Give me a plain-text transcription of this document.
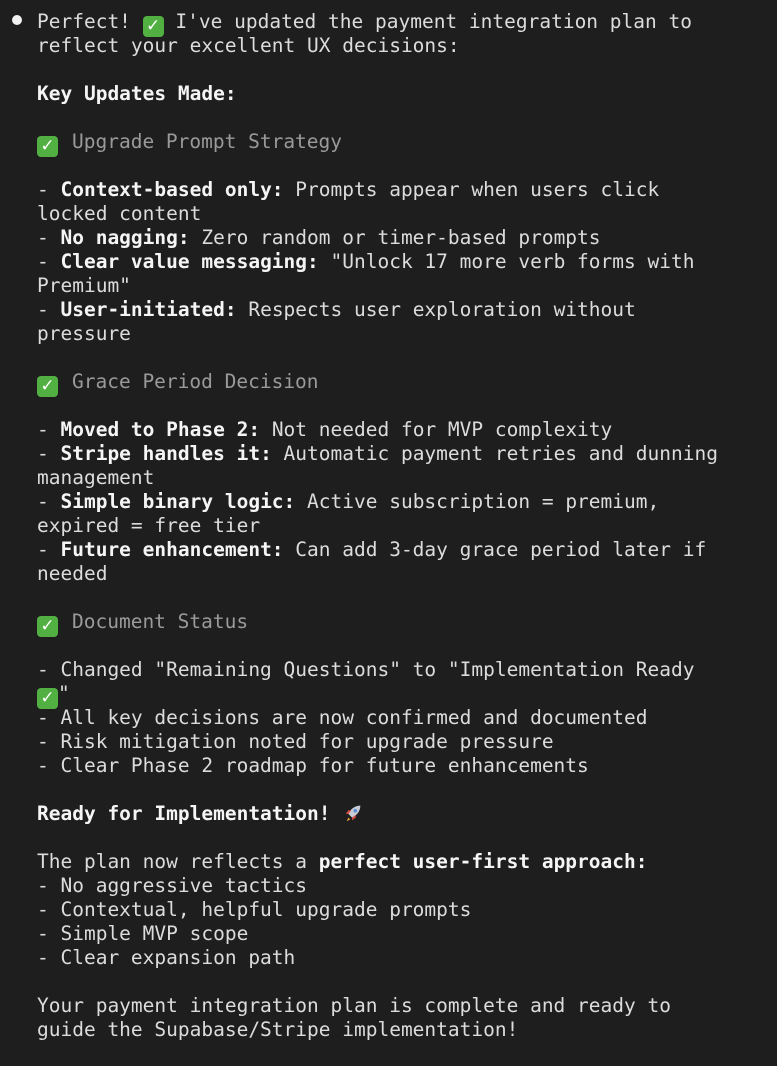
Perfect! ✓ I've updated the payment integration plan to
reflect your excellent UX decisions:
Key Updates Made:
✓ Upgrade Prompt Strategy
- Context-based only: Prompts appear when users click
locked content
- No nagging: Zero random or timer-based prompts
- Clear value messaging: "Unlock 17 more verb forms with
Premium"
- User-initiated: Respects user exploration without
pressure
✓ Grace Period Decision
- Moved to Phase 2: Not needed for MVP complexity
- Stripe handles it: Automatic payment retries and dunning
management
- Simple binary logic: Active subscription = premium,
expired = free tier
- Future enhancement: Can add 3-day grace period later if
needed
✓ Document Status
- Changed "Remaining Questions" to "Implementation Ready
✓ "
- All key decisions are now confirmed and documented
- Risk mitigation noted for upgrade pressure
- Clear Phase 2 roadmap for future enhancements
Ready for Implementation!
The plan now reflects a perfect user-first approach:
- No aggressive tactics
- Contextual, helpful upgrade prompts
- Simple MVP scope
- Clear expansion path
Your payment integration plan is complete and ready to
guide the Supabase/Stripe implementation!
